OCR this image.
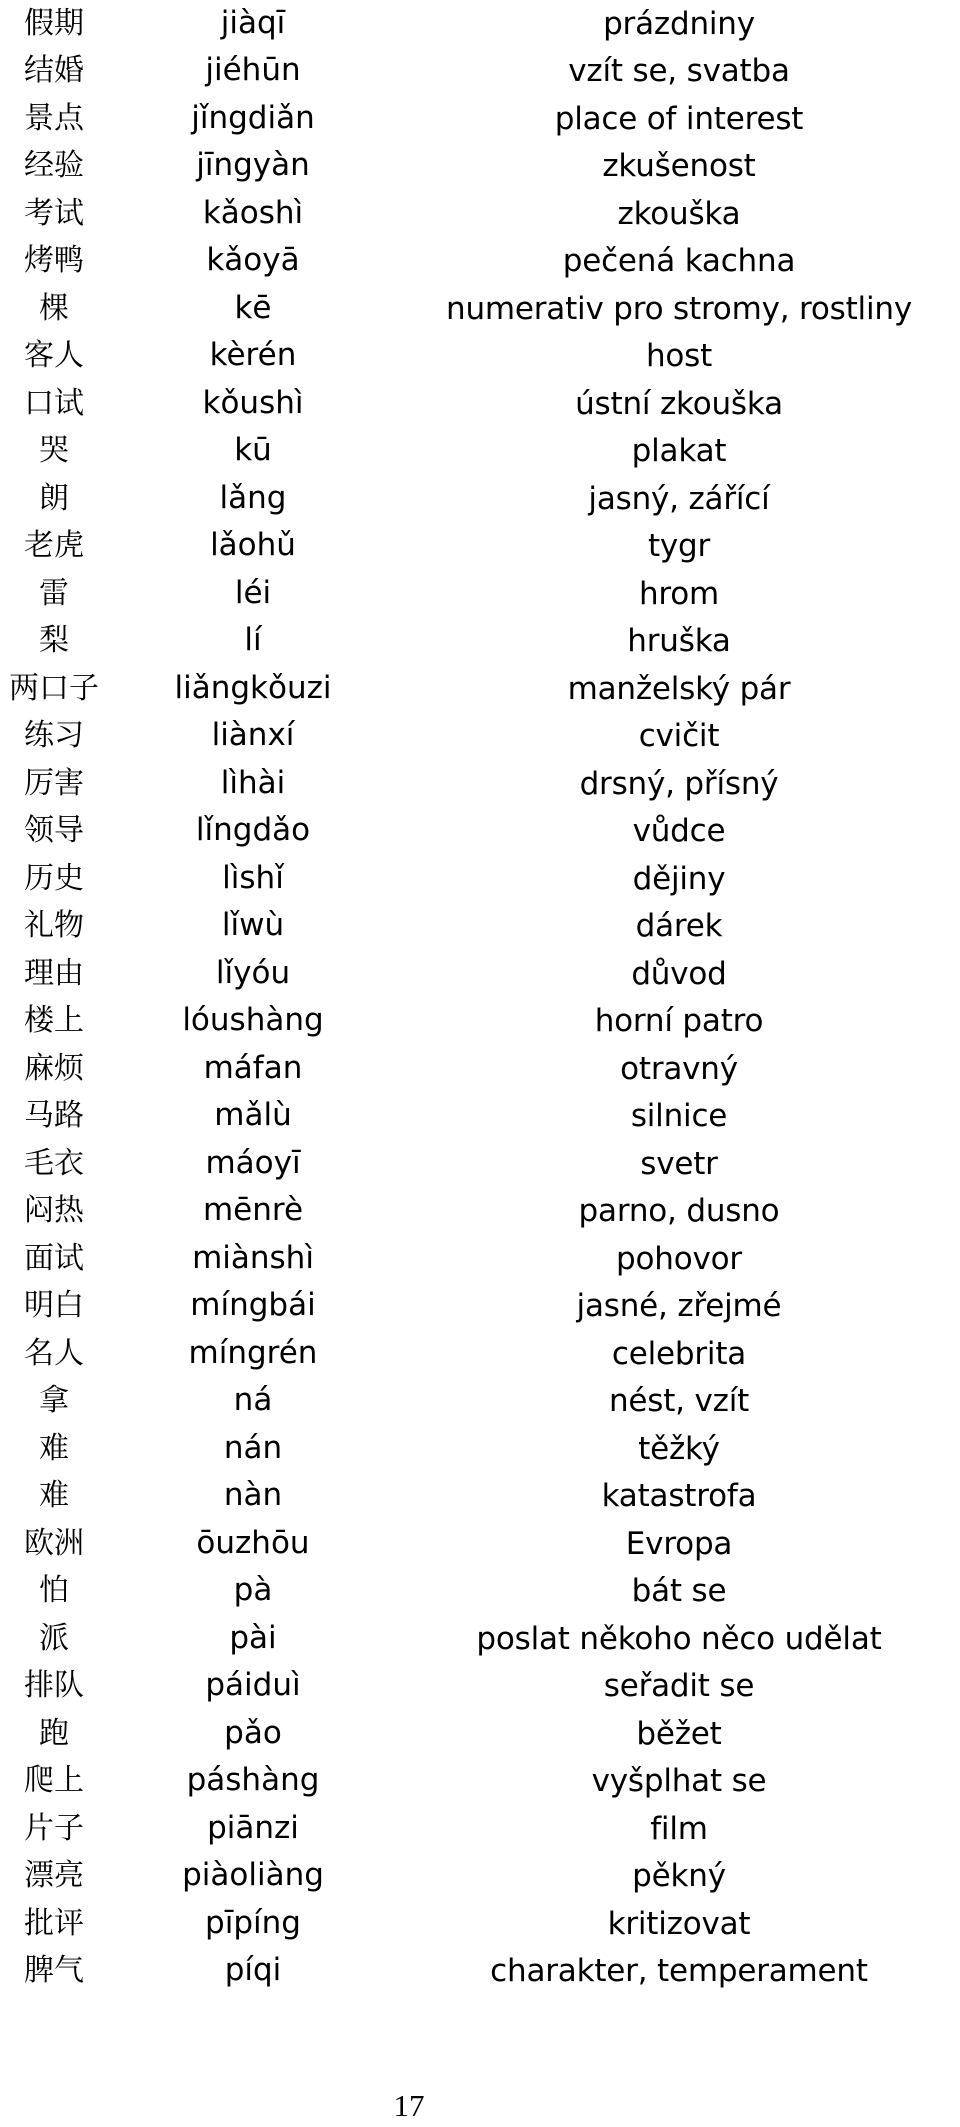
假期	jiàqī	prázdniny
结婚	jiéhūn	vzít se, svatba
景点	jǐngdiǎn	place of interest
经验	jīngyàn	zkušenost
考试	kǎoshì	zkouška
烤鸭	kǎoyā	pečená kachna
棵	kē	numerativ pro stromy, rostliny
客人	kèrén	host
口试	kǒushì	ústní zkouška
哭	kū	plakat
朗	lǎng	jasný, zářící
老虎	lǎohǔ	tygr
雷	léi	hrom
梨	lí	hruška
两口子	liǎngkǒuzi	manželský pár
练习	liànxí	cvičit
厉害	lìhài	drsný, přísný
领导	lǐngdǎo	vůdce
历史	lìshǐ	dějiny
礼物	lǐwù	dárek
理由	lǐyóu	důvod
楼上	lóushàng	horní patro
麻烦	máfan	otravný
马路	mǎlù	silnice
毛衣	máoyī	svetr
闷热	mēnrè	parno, dusno
面试	miànshì	pohovor
明白	míngbái	jasné, zřejmé
名人	míngrén	celebrita
拿	ná	nést, vzít
难	nán	těžký
难	nàn	katastrofa
欧洲	ōuzhōu	Evropa
怕	pà	bát se
派	pài	poslat někoho něco udělat
排队	páiduì	seřadit se
跑	pǎo	běžet
爬上	páshàng	vyšplhat se
片子	piānzi	film
漂亮	piàoliàng	pěkný
批评	pīpíng	kritizovat
脾气	píqi	charakter, temperament
17
